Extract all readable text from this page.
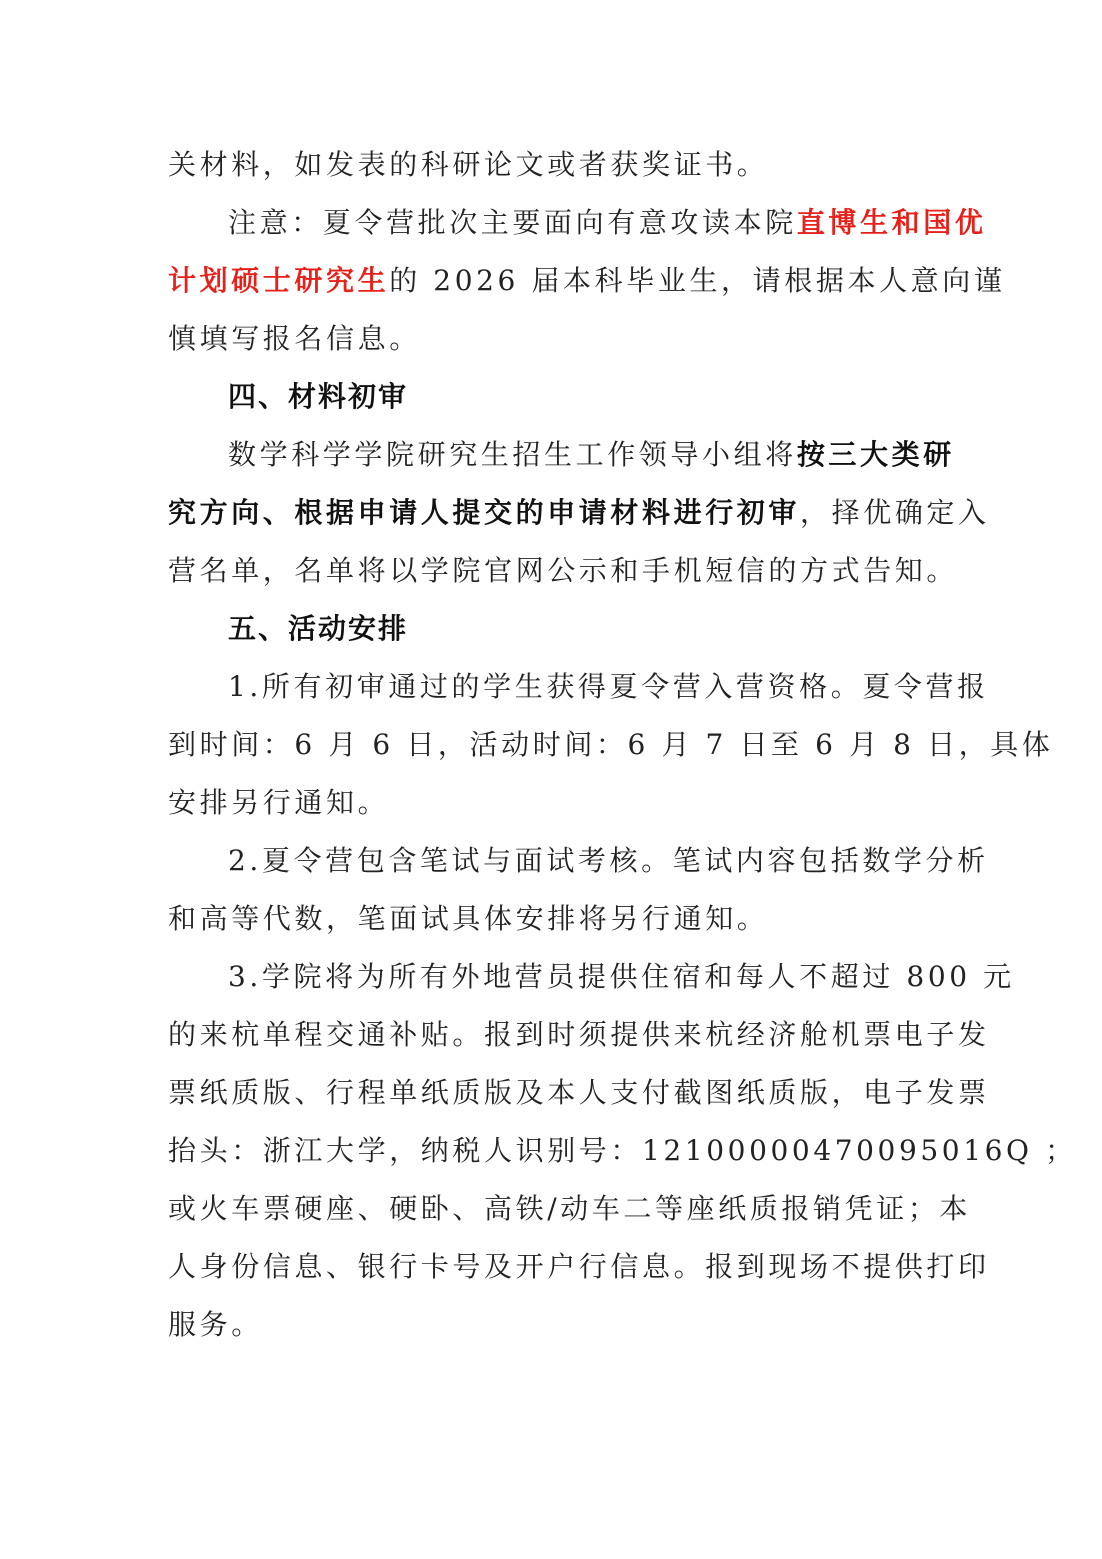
关材料，如发表的科研论文或者获奖证书。
注意：夏令营批次主要面向有意攻读本院直博生和国优
计划硕士研究生的 2026 届本科毕业生，请根据本人意向谨
慎填写报名信息。
四、材料初审
数学科学学院研究生招生工作领导小组将按三大类研
究方向、根据申请人提交的申请材料进行初审，择优确定入
营名单，名单将以学院官网公示和手机短信的方式告知。
五、活动安排
1.所有初审通过的学生获得夏令营入营资格。夏令营报
到时间：6 月 6 日，活动时间：6 月 7 日至 6 月 8 日，具体
安排另行通知。
2.夏令营包含笔试与面试考核。笔试内容包括数学分析
和高等代数，笔面试具体安排将另行通知。
3.学院将为所有外地营员提供住宿和每人不超过 800 元
的来杭单程交通补贴。报到时须提供来杭经济舱机票电子发
票纸质版、行程单纸质版及本人支付截图纸质版，电子发票
抬头：浙江大学，纳税人识别号：12100000470095016Q ；
或火车票硬座、硬卧、高铁/动车二等座纸质报销凭证；本
人身份信息、银行卡号及开户行信息。报到现场不提供打印
服务。
